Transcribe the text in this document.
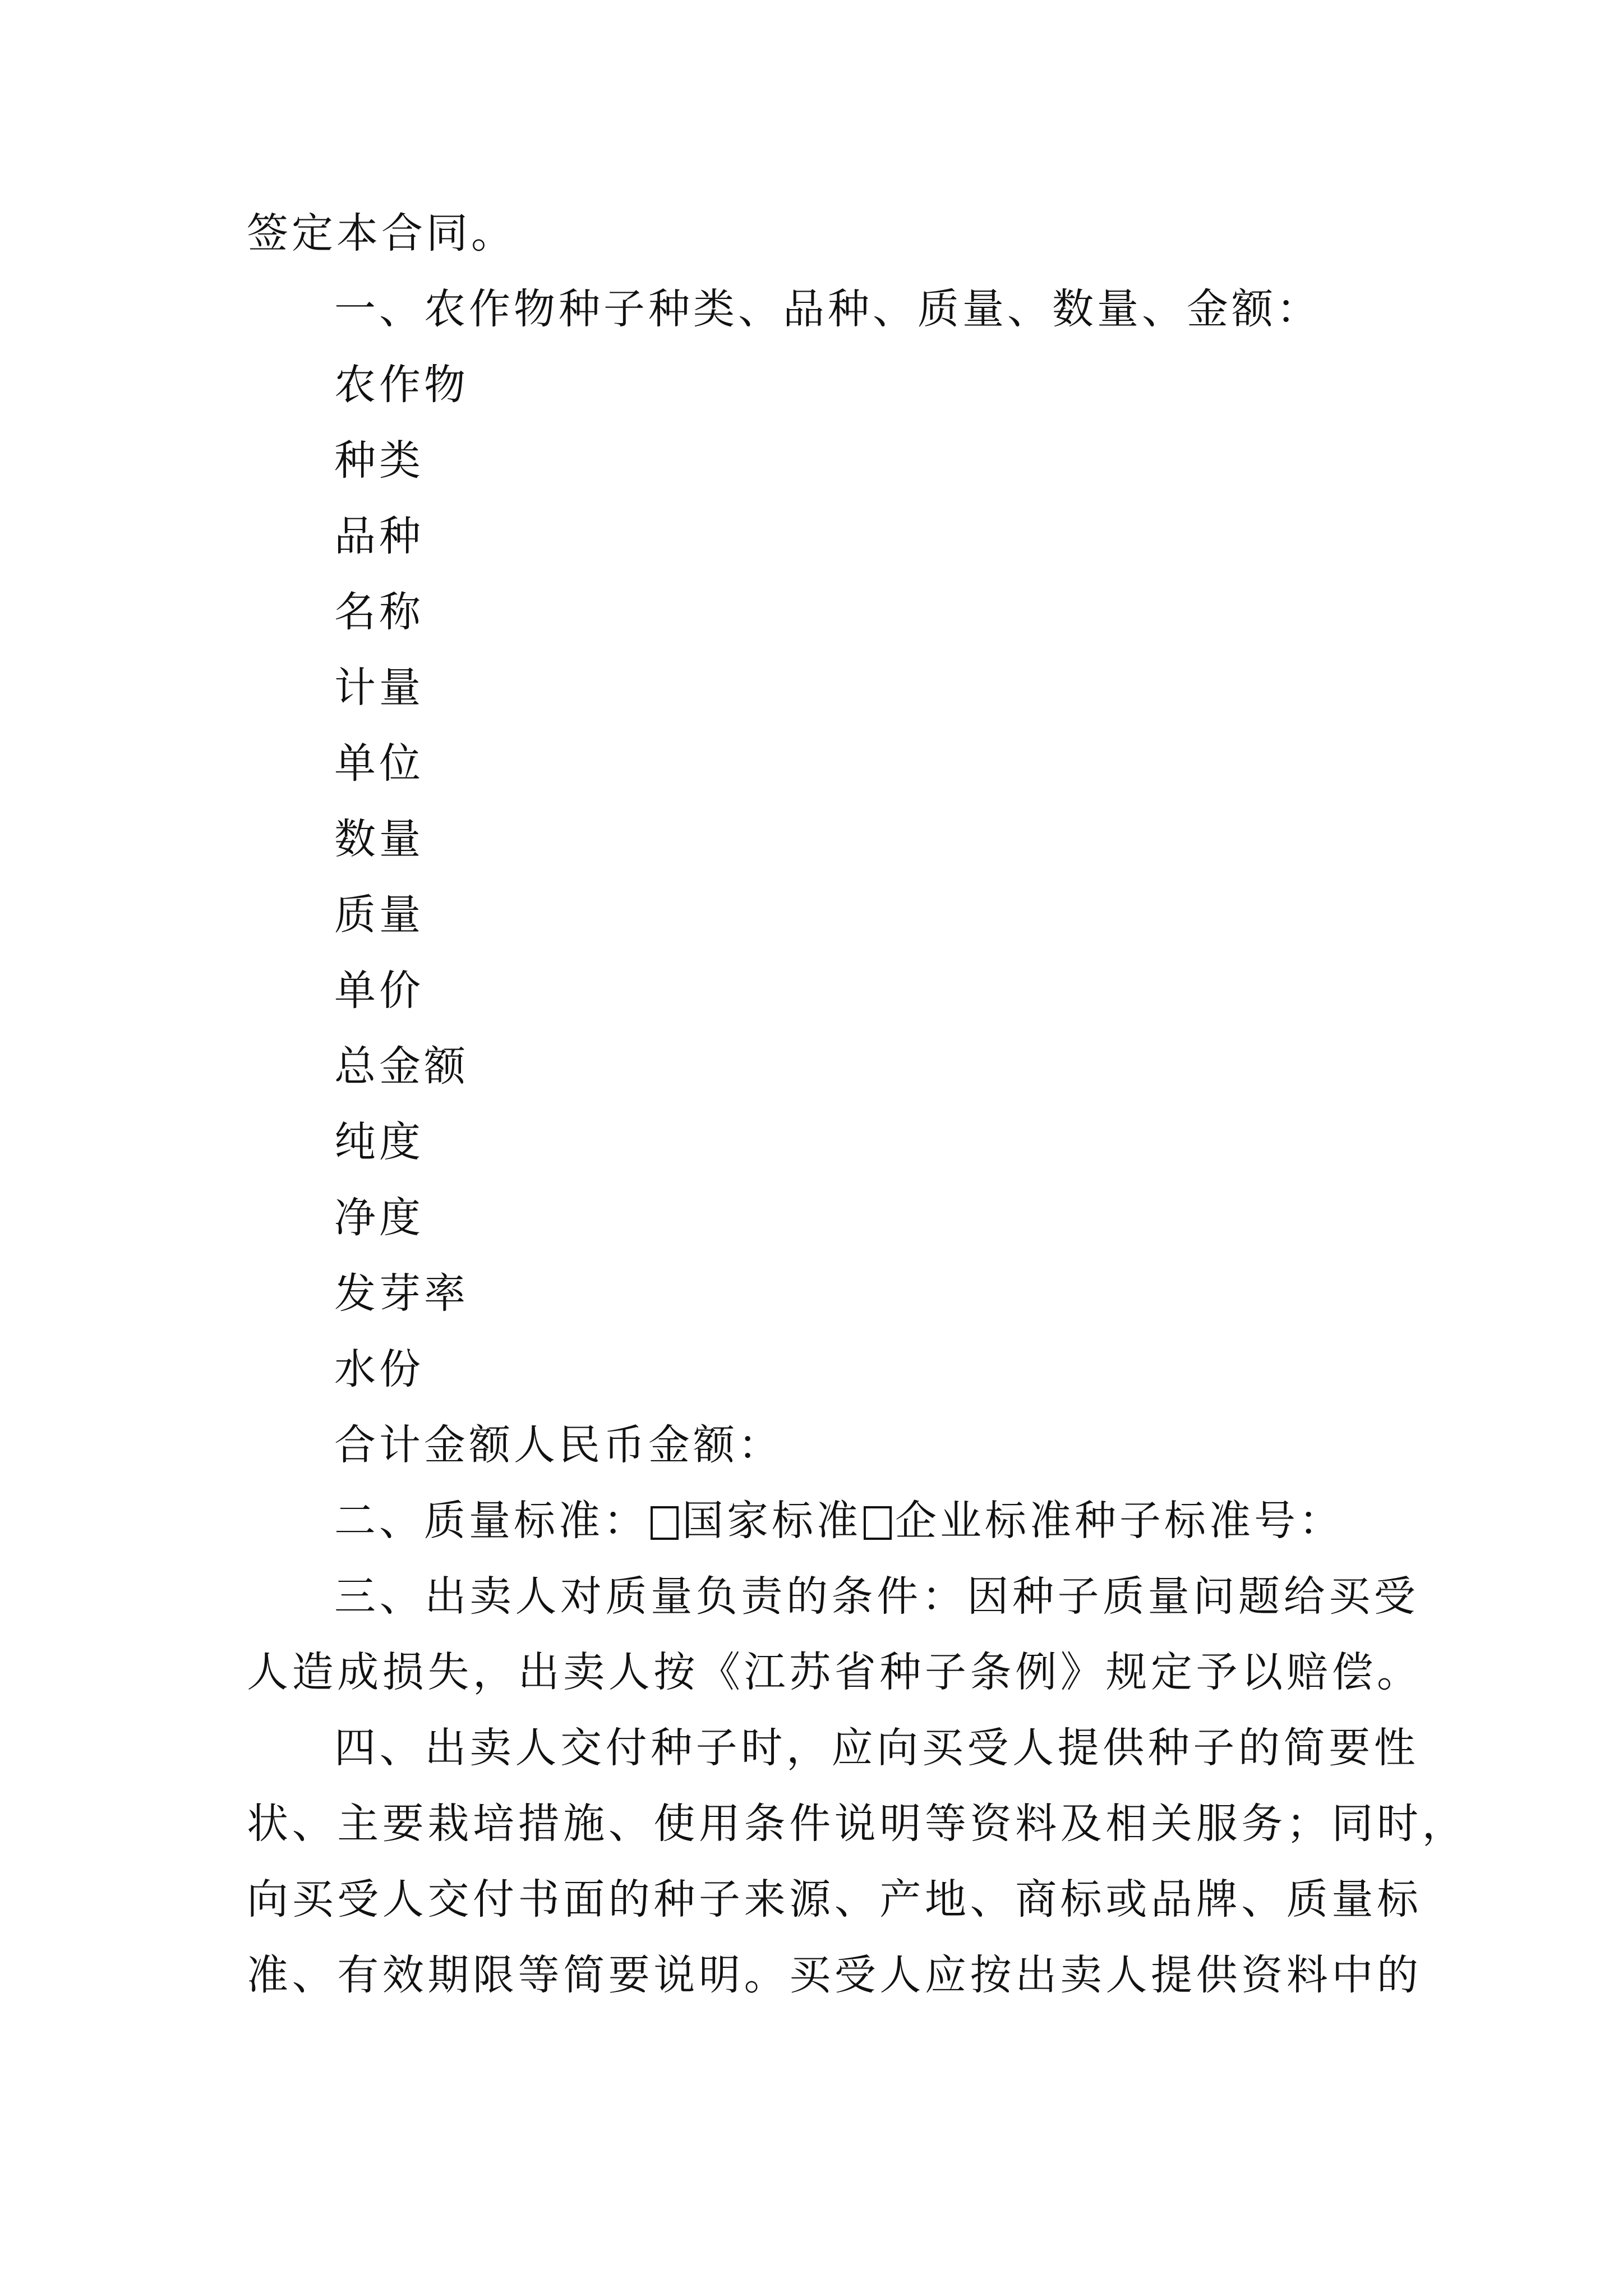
签定本合同。
一、农作物种子种类、品种、质量、数量、金额：
农作物
种类
品种
名称
计量
单位
数量
质量
单价
总金额
纯度
净度
发芽率
水份
合计金额人民币金额：
二、质量标准： 国家标准 企业标准种子标准号：
三、出卖人对质量负责的条件：因种子质量问题给买受
人造成损失，出卖人按《江苏省种子条例》规定予以赔偿。
四、出卖人交付种子时，应向买受人提供种子的简要性
状、主要栽培措施、使用条件说明等资料及相关服务；同时，
向买受人交付书面的种子来源、产地、商标或品牌、质量标
准、有效期限等简要说明。买受人应按出卖人提供资料中的
